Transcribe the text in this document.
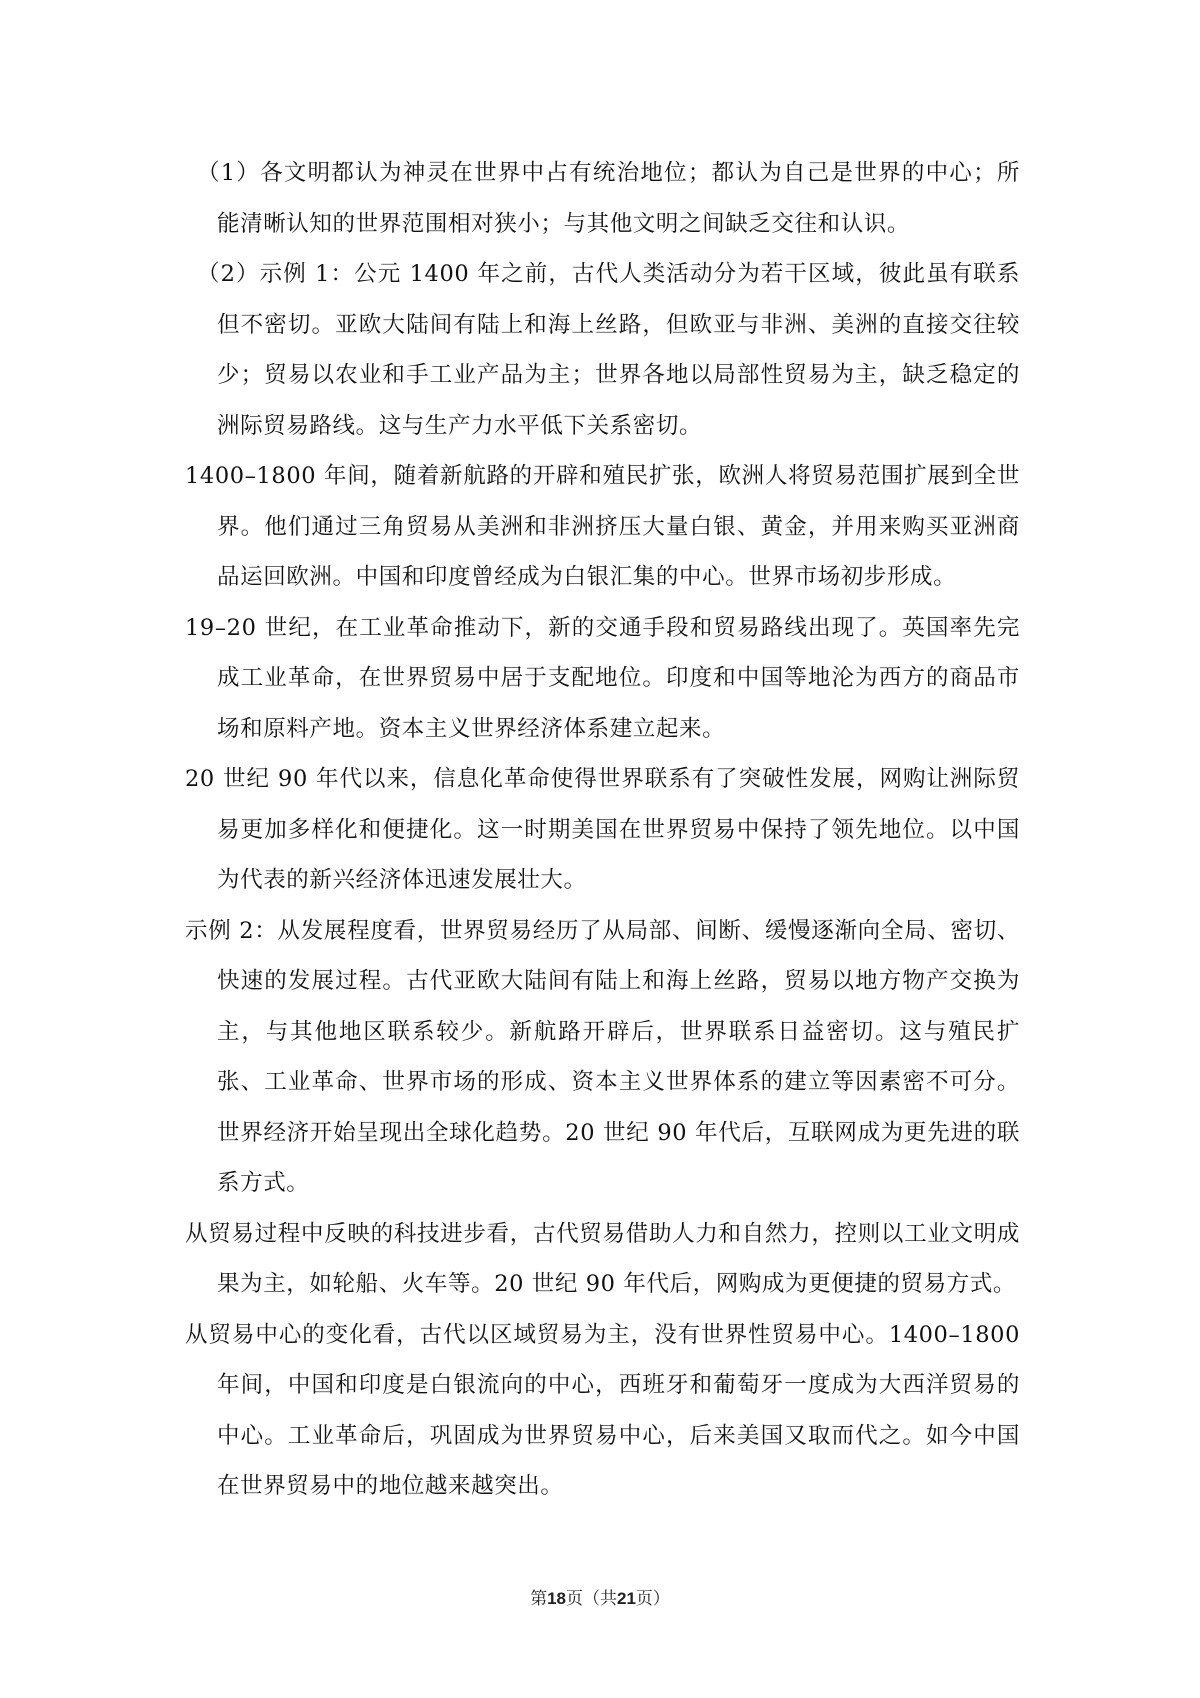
（1）各文明都认为神灵在世界中占有统治地位；都认为自己是世界的中心；所能清晰认知的世界范围相对狭小；与其他文明之间缺乏交往和认识。

（2）示例 1：公元 1400 年之前，古代人类活动分为若干区域，彼此虽有联系但不密切。亚欧大陆间有陆上和海上丝路，但欧亚与非洲、美洲的直接交往较少；贸易以农业和手工业产品为主；世界各地以局部性贸易为主，缺乏稳定的洲际贸易路线。这与生产力水平低下关系密切。

1400–1800 年间，随着新航路的开辟和殖民扩张，欧洲人将贸易范围扩展到全世界。他们通过三角贸易从美洲和非洲挤压大量白银、黄金，并用来购买亚洲商品运回欧洲。中国和印度曾经成为白银汇集的中心。世界市场初步形成。

19–20 世纪，在工业革命推动下，新的交通手段和贸易路线出现了。英国率先完成工业革命，在世界贸易中居于支配地位。印度和中国等地沦为西方的商品市场和原料产地。资本主义世界经济体系建立起来。

20 世纪 90 年代以来，信息化革命使得世界联系有了突破性发展，网购让洲际贸易更加多样化和便捷化。这一时期美国在世界贸易中保持了领先地位。以中国为代表的新兴经济体迅速发展壮大。

示例 2：从发展程度看，世界贸易经历了从局部、间断、缓慢逐渐向全局、密切、快速的发展过程。古代亚欧大陆间有陆上和海上丝路，贸易以地方物产交换为主，与其他地区联系较少。新航路开辟后，世界联系日益密切。这与殖民扩张、工业革命、世界市场的形成、资本主义世界体系的建立等因素密不可分。世界经济开始呈现出全球化趋势。20 世纪 90 年代后，互联网成为更先进的联系方式。

从贸易过程中反映的科技进步看，古代贸易借助人力和自然力，控则以工业文明成果为主，如轮船、火车等。20 世纪 90 年代后，网购成为更便捷的贸易方式。

从贸易中心的变化看，古代以区域贸易为主，没有世界性贸易中心。1400–1800 年间，中国和印度是白银流向的中心，西班牙和葡萄牙一度成为大西洋贸易的中心。工业革命后，巩固成为世界贸易中心，后来美国又取而代之。如今中国在世界贸易中的地位越来越突出。

第18页（共21页）
